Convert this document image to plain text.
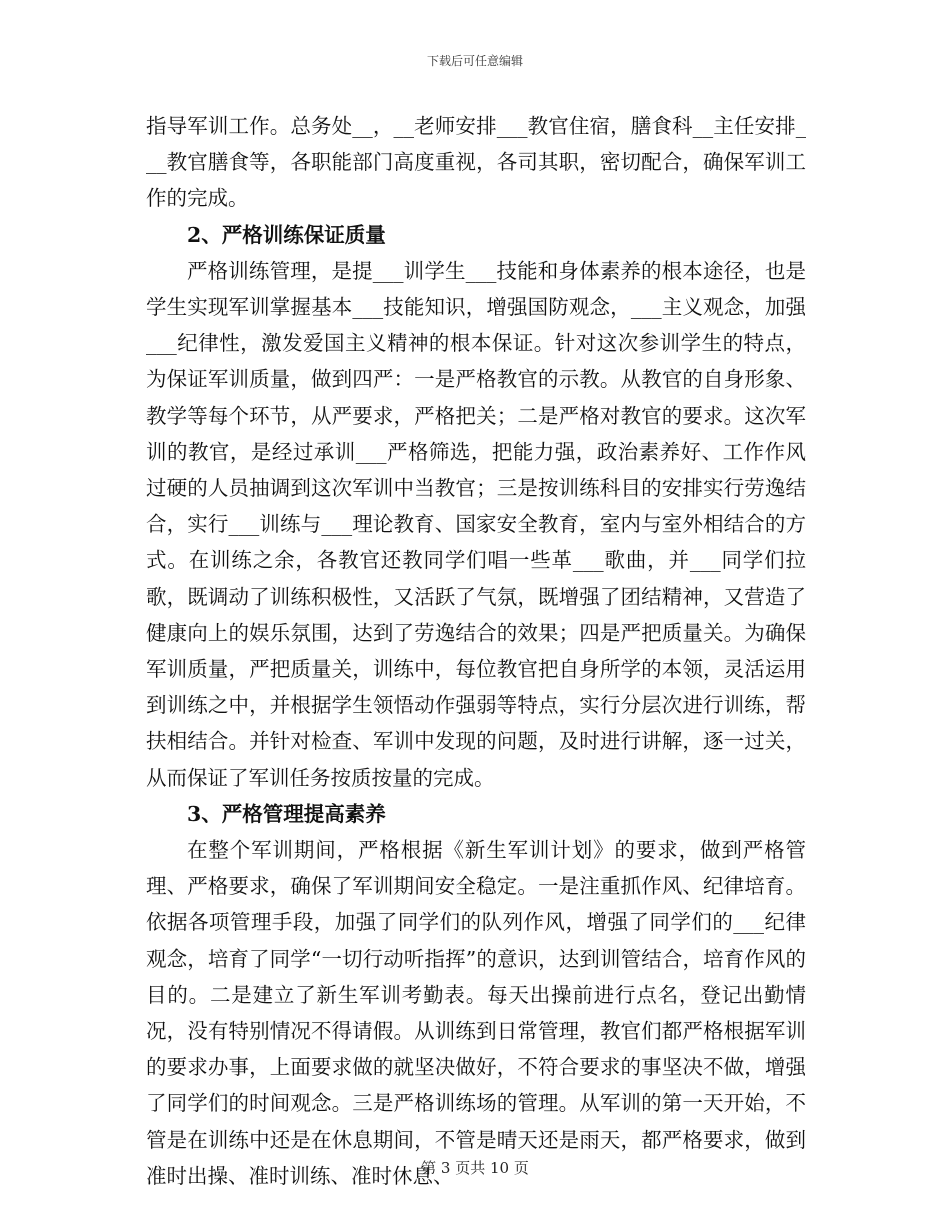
下载后可任意编辑

指导军训工作。总务处__，__老师安排___教官住宿，膳食科__主任安排___教官膳食等，各职能部门高度重视，各司其职，密切配合，确保军训工作的完成。

2、严格训练保证质量

严格训练管理，是提___训学生___技能和身体素养的根本途径，也是学生实现军训掌握基本___技能知识，增强国防观念，___主义观念，加强___纪律性，激发爱国主义精神的根本保证。针对这次参训学生的特点，为保证军训质量，做到四严：一是严格教官的示教。从教官的自身形象、教学等每个环节，从严要求，严格把关；二是严格对教官的要求。这次军训的教官，是经过承训___严格筛选，把能力强，政治素养好、工作作风过硬的人员抽调到这次军训中当教官；三是按训练科目的安排实行劳逸结合，实行___训练与___理论教育、国家安全教育，室内与室外相结合的方式。在训练之余，各教官还教同学们唱一些革___歌曲，并___同学们拉歌，既调动了训练积极性，又活跃了气氛，既增强了团结精神，又营造了健康向上的娱乐氛围，达到了劳逸结合的效果；四是严把质量关。为确保军训质量，严把质量关，训练中，每位教官把自身所学的本领，灵活运用到训练之中，并根据学生领悟动作强弱等特点，实行分层次进行训练，帮扶相结合。并针对检查、军训中发现的问题，及时进行讲解，逐一过关，从而保证了军训任务按质按量的完成。

3、严格管理提高素养

在整个军训期间，严格根据《新生军训计划》的要求，做到严格管理、严格要求，确保了军训期间安全稳定。一是注重抓作风、纪律培育。依据各项管理手段，加强了同学们的队列作风，增强了同学们的___纪律观念，培育了同学“一切行动听指挥”的意识，达到训管结合，培育作风的目的。二是建立了新生军训考勤表。每天出操前进行点名，登记出勤情况，没有特别情况不得请假。从训练到日常管理，教官们都严格根据军训的要求办事，上面要求做的就坚决做好，不符合要求的事坚决不做，增强了同学们的时间观念。三是严格训练场的管理。从军训的第一天开始，不管是在训练中还是在休息期间，不管是晴天还是雨天，都严格要求，做到准时出操、准时训练、准时休息、

第 3 页共 10 页
